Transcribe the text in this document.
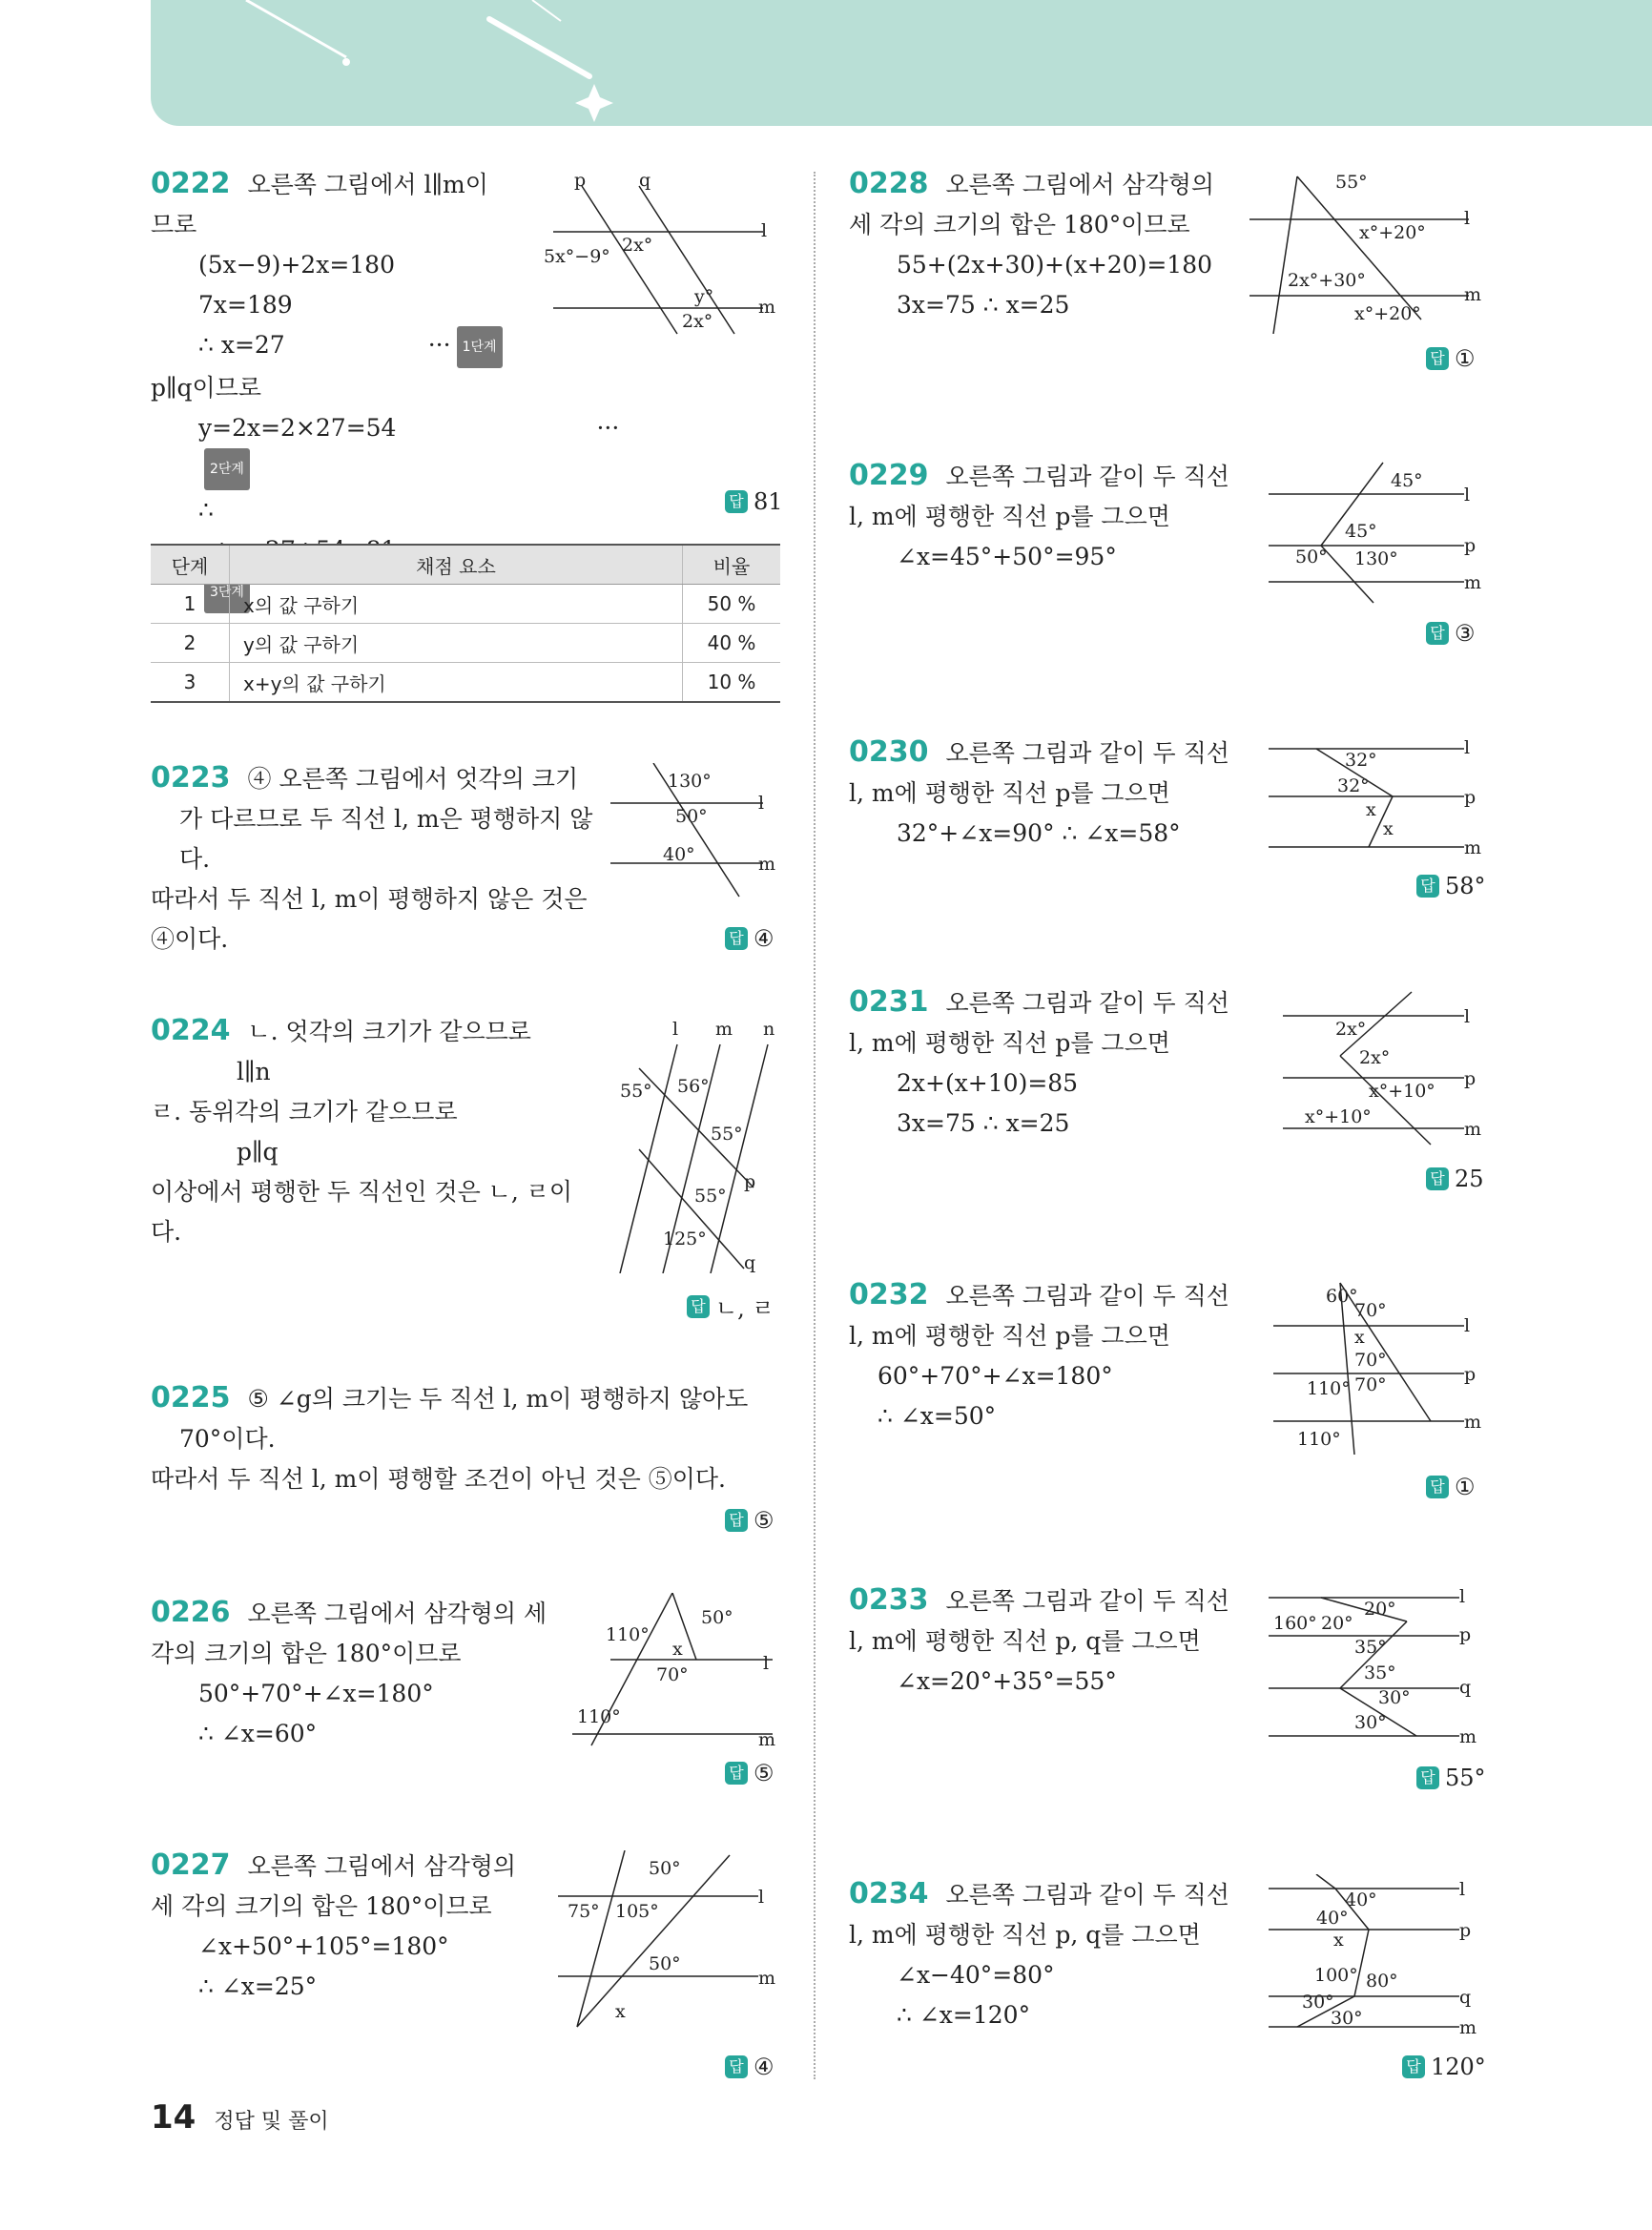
0222 오른쪽 그림에서 l∥m이
므로
(5x−9)+2x=180
7x=189
∴ x=27	··· 1단계
p∥q이므로
y=2x=2×27=54	···2단계
∴ 3단계
답 81
p	q
l
m
5x°−9°
2x°
y°
2x°
단계	채점 요소	비율
1	x의 값 구하기	50 %
2	y의 값 구하기	40 %
3	x+y의 값 구하기	10 %
0223 ④ 오른쪽 그림에서 엇각의 크기
가 다르므로 두 직선 l, m은 평행하지 않
다.
따라서 두 직선 l, m이 평행하지 않은 것은
④이다.	답 ④
130°
50°
40°
l
m
0224 ㄴ. 엇각의 크기가 같으므로
l∥n
ㄹ. 동위각의 크기가 같으므로
p∥q
이상에서 평행한 두 직선인 것은 ㄴ, ㄹ이다.
답 ㄴ, ㄹ
l m n
55° 56°
55°
55°
125°
p
q
0225 ⑤ ∠g의 크기는 두 직선 l, m이 평행하지 않아도
70°이다.
따라서 두 직선 l, m이 평행할 조건이 아닌 것은 ⑤이다.
답 ⑤
0226 오른쪽 그림에서 삼각형의 세
각의 크기의 합은 180°이므로
50°+70°+∠x=180°
∴ ∠x=60°
답 ⑤
110°
50°
x
70°
l
110°
m
0227 오른쪽 그림에서 삼각형의
세 각의 크기의 합은 180°이므로
∠x+50°+105°=180°
∴ ∠x=25°
답 ④
50°
75° 105°
l
50°
m
x
0228 오른쪽 그림에서 삼각형의
세 각의 크기의 합은 180°이므로
55+(2x+30)+(x+20)=180
3x=75 ∴ x=25
답 ①
55°
x°+20°
l
2x°+30°
x°+20°
m
0229 오른쪽 그림과 같이 두 직선
l, m에 평행한 직선 p를 그으면
∠x=45°+50°=95°
답 ③
45°
l
45°
p
50° 130°
m
0230 오른쪽 그림과 같이 두 직선
l, m에 평행한 직선 p를 그으면
32°+∠x=90° ∴ ∠x=58°
답 58°
32°
l
32°
p
x
x
m
0231 오른쪽 그림과 같이 두 직선
l, m에 평행한 직선 p를 그으면
2x+(x+10)=85
3x=75 ∴ x=25
답 25
2x°
l
2x°
x°+10°
p
x°+10°
m
0232 오른쪽 그림과 같이 두 직선
l, m에 평행한 직선 p를 그으면
60°+70°+∠x=180°
∴ ∠x=50°
답 ①
60°
70°
x
l
70°
p
110° 70°
m
110°
0233 오른쪽 그림과 같이 두 직선
l, m에 평행한 직선 p, q를 그으면
∠x=20°+35°=55°
답 55°
l
20°
160° 20°
p
35°
35°
q
30°
30°
m
0234 오른쪽 그림과 같이 두 직선
l, m에 평행한 직선 p, q를 그으면
∠x−40°=80°
∴ ∠x=120°
답 120°
40°	l
40°
x	p
100° 80°
q
30°
30°	m
14 정답 및 풀이
